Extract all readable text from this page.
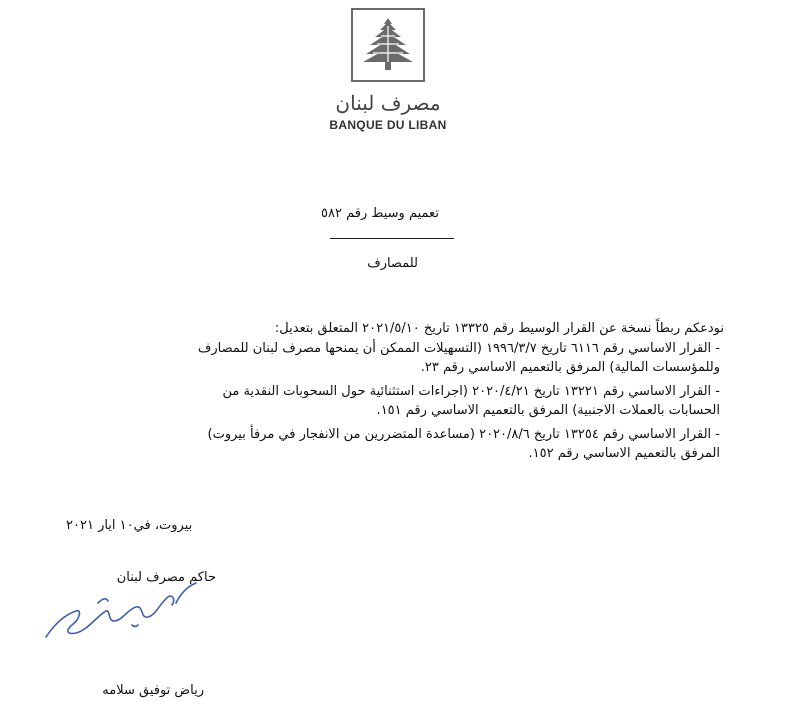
مصرف لبنان
BANQUE DU LIBAN
تعميم وسيط رقم ٥٨٢
للمصارف
نودعكم ربطاً نسخة عن القرار الوسيط رقم ١٣٣٢٥ تاريخ ٢٠٢١/٥/١٠ المتعلق بتعديل:
- القرار الاساسي رقم ٦١١٦ تاريخ ١٩٩٦/٣/٧ (التسهيلات الممكن أن يمنحها مصرف لبنان للمصارف
وللمؤسسات المالية) المرفق بالتعميم الاساسي رقم ٢٣.
- القرار الاساسي رقم ١٣٢٢١ تاريخ ٢٠٢٠/٤/٢١ (اجراءات استثنائية حول السحوبات النقدية من
الحسابات بالعملات الاجنبية) المرفق بالتعميم الاساسي رقم ١٥١.
- القرار الاساسي رقم ١٣٢٥٤ تاريخ ٢٠٢٠/٨/٦ (مساعدة المتضررين من الانفجار في مرفأ بيروت)
المرفق بالتعميم الاساسي رقم ١٥٢.
بيروت، في١٠ ايار ٢٠٢١
حاكم مصرف لبنان
رياض توفيق سلامه
